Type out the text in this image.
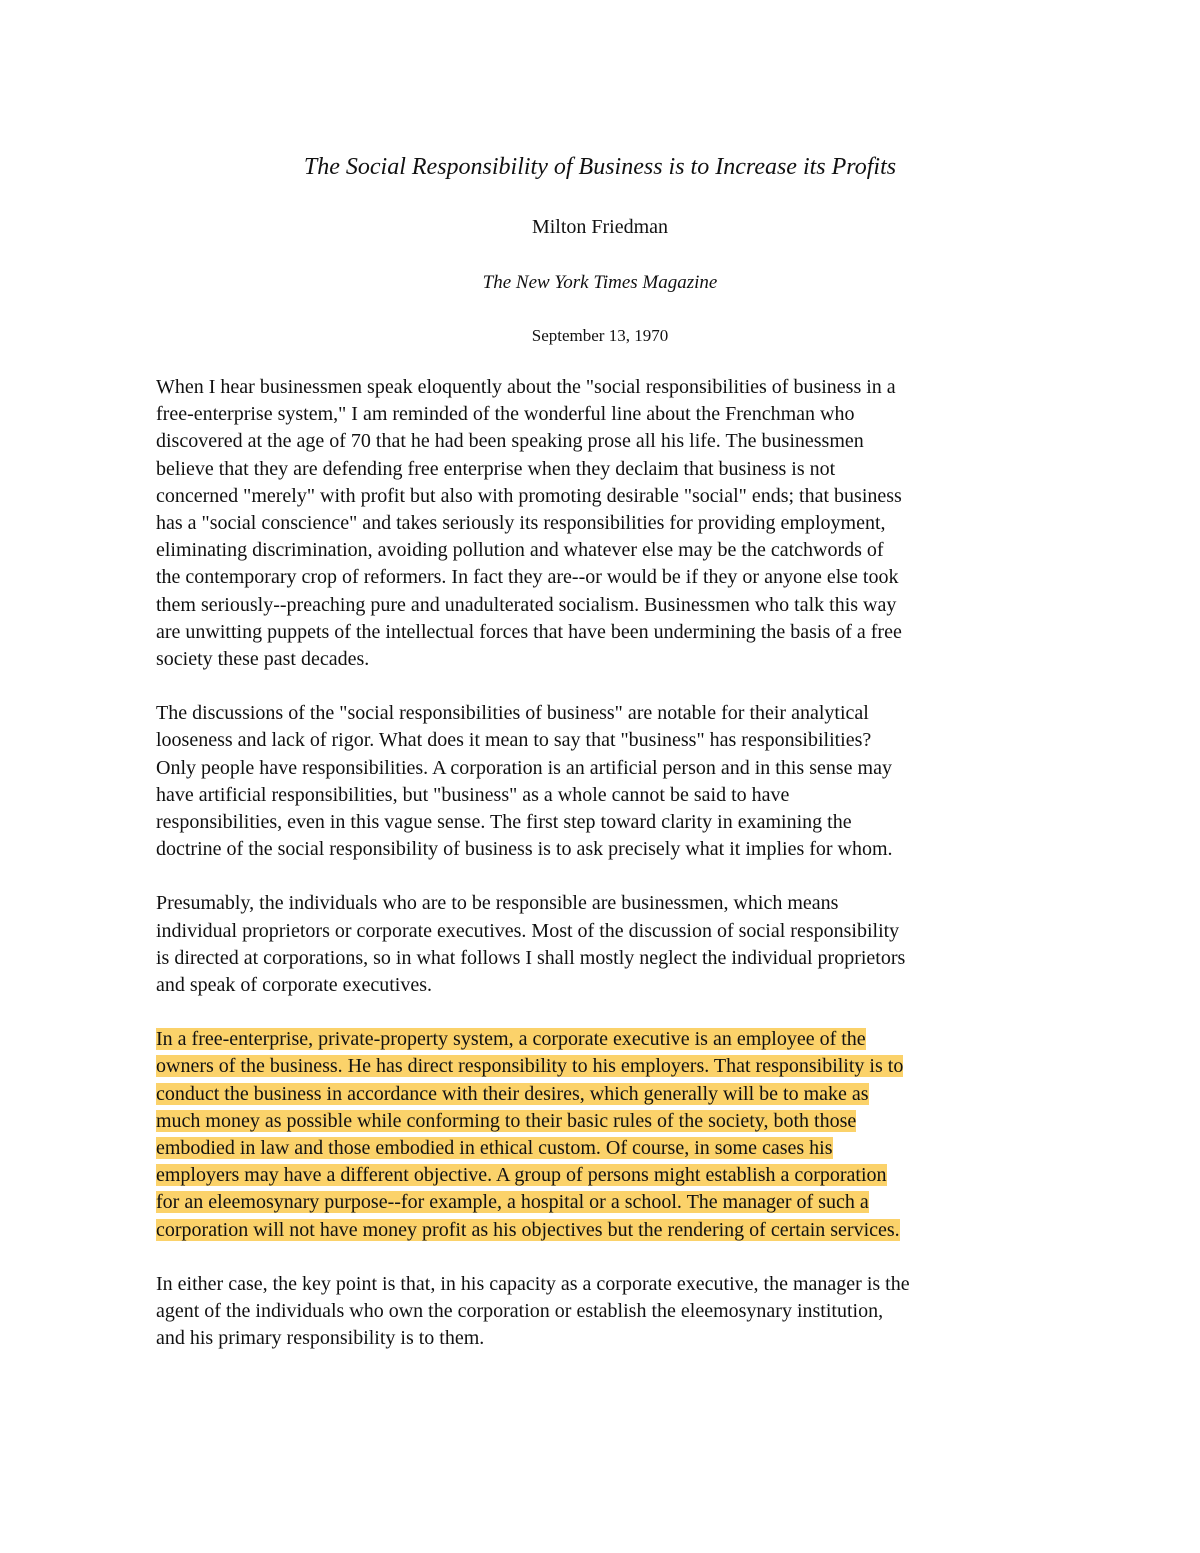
The Social Responsibility of Business is to Increase its Profits
Milton Friedman
The New York Times Magazine
September 13, 1970
When I hear businessmen speak eloquently about the "social responsibilities of business in a
free-enterprise system," I am reminded of the wonderful line about the Frenchman who
discovered at the age of 70 that he had been speaking prose all his life. The businessmen
believe that they are defending free enterprise when they declaim that business is not
concerned "merely" with profit but also with promoting desirable "social" ends; that business
has a "social conscience" and takes seriously its responsibilities for providing employment,
eliminating discrimination, avoiding pollution and whatever else may be the catchwords of
the contemporary crop of reformers. In fact they are--or would be if they or anyone else took
them seriously--preaching pure and unadulterated socialism. Businessmen who talk this way
are unwitting puppets of the intellectual forces that have been undermining the basis of a free
society these past decades.
The discussions of the "social responsibilities of business" are notable for their analytical
looseness and lack of rigor. What does it mean to say that "business" has responsibilities?
Only people have responsibilities. A corporation is an artificial person and in this sense may
have artificial responsibilities, but "business" as a whole cannot be said to have
responsibilities, even in this vague sense. The first step toward clarity in examining the
doctrine of the social responsibility of business is to ask precisely what it implies for whom.
Presumably, the individuals who are to be responsible are businessmen, which means
individual proprietors or corporate executives. Most of the discussion of social responsibility
is directed at corporations, so in what follows I shall mostly neglect the individual proprietors
and speak of corporate executives.
In a free-enterprise, private-property system, a corporate executive is an employee of the
owners of the business. He has direct responsibility to his employers. That responsibility is to
conduct the business in accordance with their desires, which generally will be to make as
much money as possible while conforming to their basic rules of the society, both those
embodied in law and those embodied in ethical custom. Of course, in some cases his
employers may have a different objective. A group of persons might establish a corporation
for an eleemosynary purpose--for example, a hospital or a school. The manager of such a
corporation will not have money profit as his objectives but the rendering of certain services.
In either case, the key point is that, in his capacity as a corporate executive, the manager is the
agent of the individuals who own the corporation or establish the eleemosynary institution,
and his primary responsibility is to them.
